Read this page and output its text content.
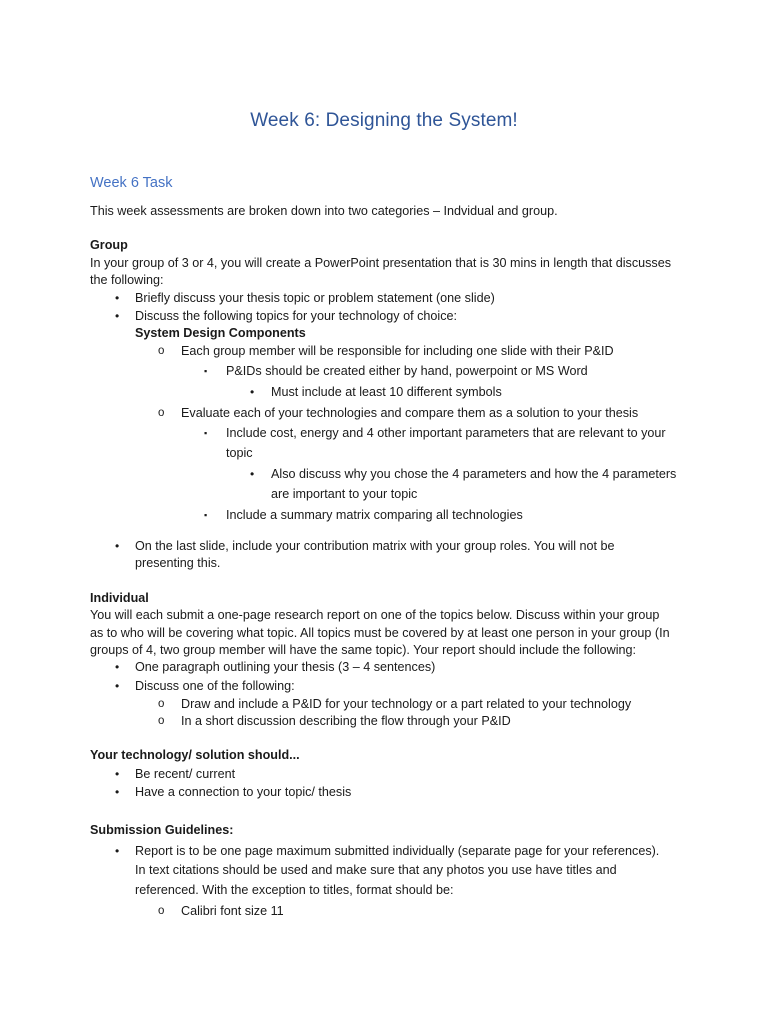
Week 6: Designing the System!
Week 6 Task
This week assessments are broken down into two categories – Indvidual and group.
Group
In your group of 3 or 4, you will create a PowerPoint presentation that is 30 mins in length that discusses
the following:
• Briefly discuss your thesis topic or problem statement (one slide)
• Discuss the following topics for your technology of choice:
System Design Components
o Each group member will be responsible for including one slide with their P&ID
▪ P&IDs should be created either by hand, powerpoint or MS Word
• Must include at least 10 different symbols
o Evaluate each of your technologies and compare them as a solution to your thesis
▪ Include cost, energy and 4 other important parameters that are relevant to your
topic
• Also discuss why you chose the 4 parameters and how the 4 parameters
are important to your topic
▪ Include a summary matrix comparing all technologies
• On the last slide, include your contribution matrix with your group roles. You will not be
presenting this.
Individual
You will each submit a one-page research report on one of the topics below. Discuss within your group
as to who will be covering what topic. All topics must be covered by at least one person in your group (In
groups of 4, two group member will have the same topic). Your report should include the following:
• One paragraph outlining your thesis (3 – 4 sentences)
• Discuss one of the following:
o Draw and include a P&ID for your technology or a part related to your technology
o In a short discussion describing the flow through your P&ID
Your technology/ solution should...
• Be recent/ current
• Have a connection to your topic/ thesis
Submission Guidelines:
• Report is to be one page maximum submitted individually (separate page for your references).
In text citations should be used and make sure that any photos you use have titles and
referenced. With the exception to titles, format should be:
o Calibri font size 11
